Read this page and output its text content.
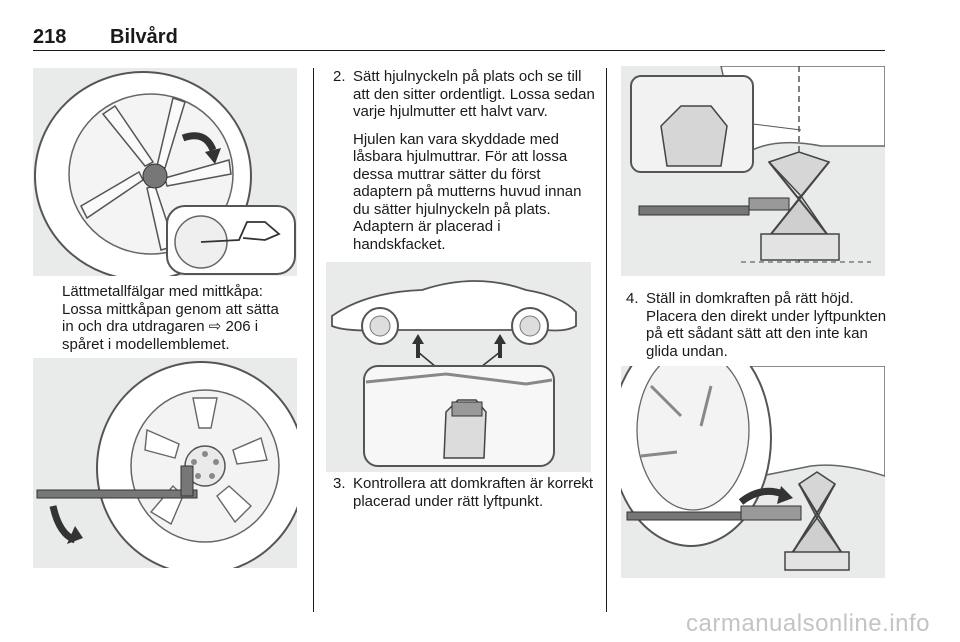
218 Bilvård
Lättmetallfälgar med mittkåpa:
Lossa mittkåpan genom att sätta
in och dra utdragaren ⇨ 206 i
spåret i modellemblemet.
2. Sätt hjulnyckeln på plats och se till att den sitter ordentligt. Lossa sedan varje hjulmutter ett halvt varv.

Hjulen kan vara skyddade med låsbara hjulmuttrar. För att lossa dessa muttrar sätter du först adaptern på mutterns huvud innan du sätter hjulnyckeln på plats. Adaptern är placerad i handskfacket.

3. Kontrollera att domkraften är korrekt placerad under rätt lyftpunkt.
4. Ställ in domkraften på rätt höjd. Placera den direkt under lyftpunkten på ett sådant sätt att den inte kan glida undan.
carmanualsonline.info
